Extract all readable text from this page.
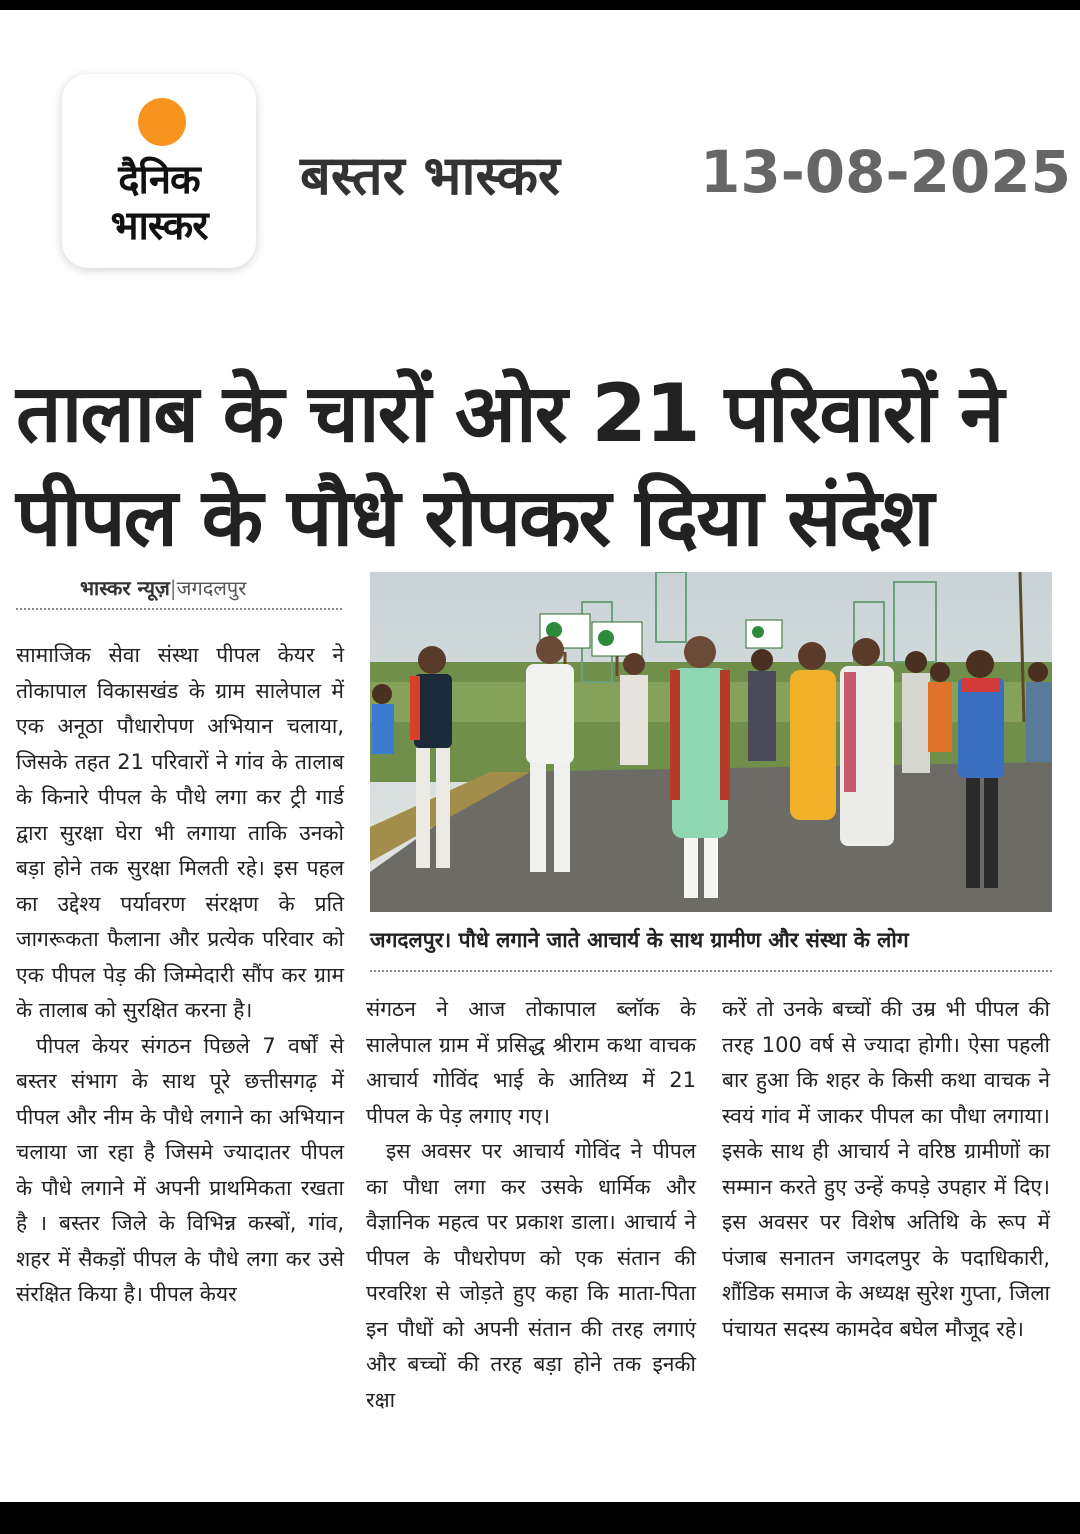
दैनिक
भास्कर
बस्तर भास्कर 13-08-2025
तालाब के चारों ओर 21 परिवारों ने
पीपल के पौधे रोपकर दिया संदेश
भास्कर न्यूज़|जगदलपुर

सामाजिक सेवा संस्था पीपल केयर ने तोकापाल विकासखंड के ग्राम सालेपाल में एक अनूठा पौधारोपण अभियान चलाया, जिसके तहत 21 परिवारों ने गांव के तालाब के किनारे पीपल के पौधे लगा कर ट्री गार्ड द्वारा सुरक्षा घेरा भी लगाया ताकि उनको बड़ा होने तक सुरक्षा मिलती रहे। इस पहल का उद्देश्य पर्यावरण संरक्षण के प्रति जागरूकता फैलाना और प्रत्येक परिवार को एक पीपल पेड़ की जिम्मेदारी सौंप कर ग्राम के तालाब को सुरक्षित करना है।

पीपल केयर संगठन पिछले 7 वर्षों से बस्तर संभाग के साथ पूरे छत्तीसगढ़ में पीपल और नीम के पौधे लगाने का अभियान चलाया जा रहा है जिसमे ज्यादातर पीपल के पौधे लगाने में अपनी प्राथमिकता रखता है । बस्तर जिले के विभिन्न कस्बों, गांव, शहर में सैकड़ों पीपल के पौधे लगा कर उसे संरक्षित किया है। पीपल केयर

जगदलपुर। पौधे लगाने जाते आचार्य के साथ ग्रामीण और संस्था के लोग

संगठन ने आज तोकापाल ब्लॉक के सालेपाल ग्राम में प्रसिद्ध श्रीराम कथा वाचक आचार्य गोविंद भाई के आतिथ्य में 21 पीपल के पेड़ लगाए गए।

इस अवसर पर आचार्य गोविंद ने पीपल का पौधा लगा कर उसके धार्मिक और वैज्ञानिक महत्व पर प्रकाश डाला। आचार्य ने पीपल के पौधरोपण को एक संतान की परवरिश से जोड़ते हुए कहा कि माता-पिता इन पौधों को अपनी संतान की तरह लगाएं और बच्चों की तरह बड़ा होने तक इनकी रक्षा

करें तो उनके बच्चों की उम्र भी पीपल की तरह 100 वर्ष से ज्यादा होगी। ऐसा पहली बार हुआ कि शहर के किसी कथा वाचक ने स्वयं गांव में जाकर पीपल का पौधा लगाया। इसके साथ ही आचार्य ने वरिष्ठ ग्रामीणों का सम्मान करते हुए उन्हें कपड़े उपहार में दिए। इस अवसर पर विशेष अतिथि के रूप में पंजाब सनातन जगदलपुर के पदाधिकारी, शौंडिक समाज के अध्यक्ष सुरेश गुप्ता, जिला पंचायत सदस्य कामदेव बघेल मौजूद रहे।
